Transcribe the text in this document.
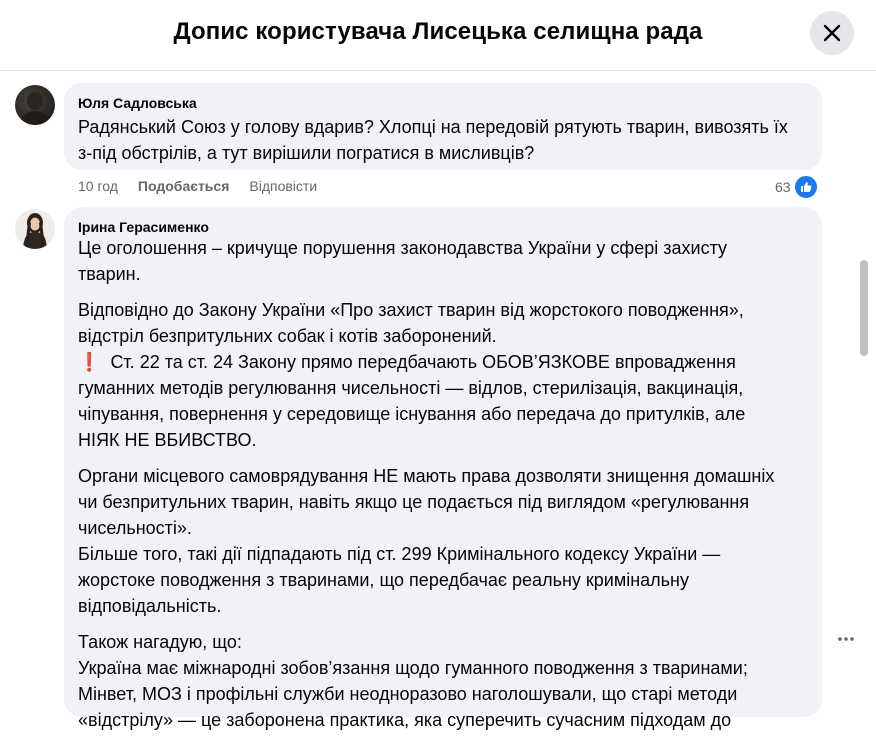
Допис користувача Лисецька селищна рада
Юля Садловська
Радянський Союз у голову вдарив? Хлопці на передовій рятують тварин, вивозять їх
з-під обстрілів, а тут вирішили погратися в мисливців?
10 год Подобається Відповісти	63
Ірина Герасименко
Це оголошення – кричуще порушення законодавства України у сфері захисту
тварин.
Відповідно до Закону України «Про захист тварин від жорстокого поводження»,
відстріл безпритульних собак і котів заборонений.
❗ Ст. 22 та ст. 24 Закону прямо передбачають ОБОВ’ЯЗКОВЕ впровадження
гуманних методів регулювання чисельності — відлов, стерилізація, вакцинація,
чіпування, повернення у середовище існування або передача до притулків, але
НІЯК НЕ ВБИВСТВО.
Органи місцевого самоврядування НЕ мають права дозволяти знищення домашніх
чи безпритульних тварин, навіть якщо це подається під виглядом «регулювання
чисельності».
Більше того, такі дії підпадають під ст. 299 Кримінального кодексу України —
жорстоке поводження з тваринами, що передбачає реальну кримінальну
відповідальність.
Також нагадую, що:
Україна має міжнародні зобов’язання щодо гуманного поводження з тваринами;
Мінвет, МОЗ і профільні служби неодноразово наголошували, що старі методи
«відстрілу» — це заборонена практика, яка суперечить сучасним підходам до
